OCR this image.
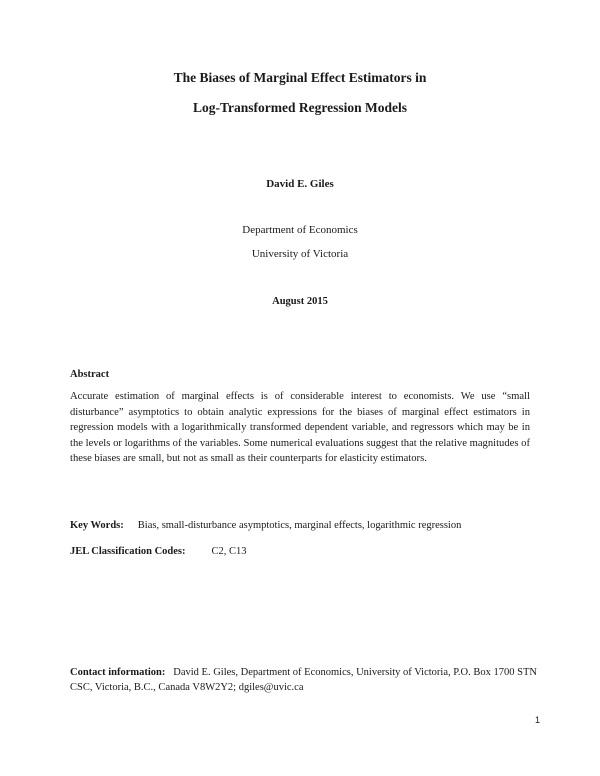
The Biases of Marginal Effect Estimators in
Log-Transformed Regression Models
David E. Giles
Department of Economics
University of Victoria
August 2015
Abstract
Accurate estimation of marginal effects is of considerable interest to economists. We use “small disturbance” asymptotics to obtain analytic expressions for the biases of marginal effect estimators in regression models with a logarithmically transformed dependent variable, and regressors which may be in the levels or logarithms of the variables. Some numerical evaluations suggest that the relative magnitudes of these biases are small, but not as small as their counterparts for elasticity estimators.
Key Words: Bias, small-disturbance asymptotics, marginal effects, logarithmic regression
JEL Classification Codes: C2, C13
Contact information: David E. Giles, Department of Economics, University of Victoria, P.O. Box 1700 STN CSC, Victoria, B.C., Canada V8W2Y2; dgiles@uvic.ca
1
